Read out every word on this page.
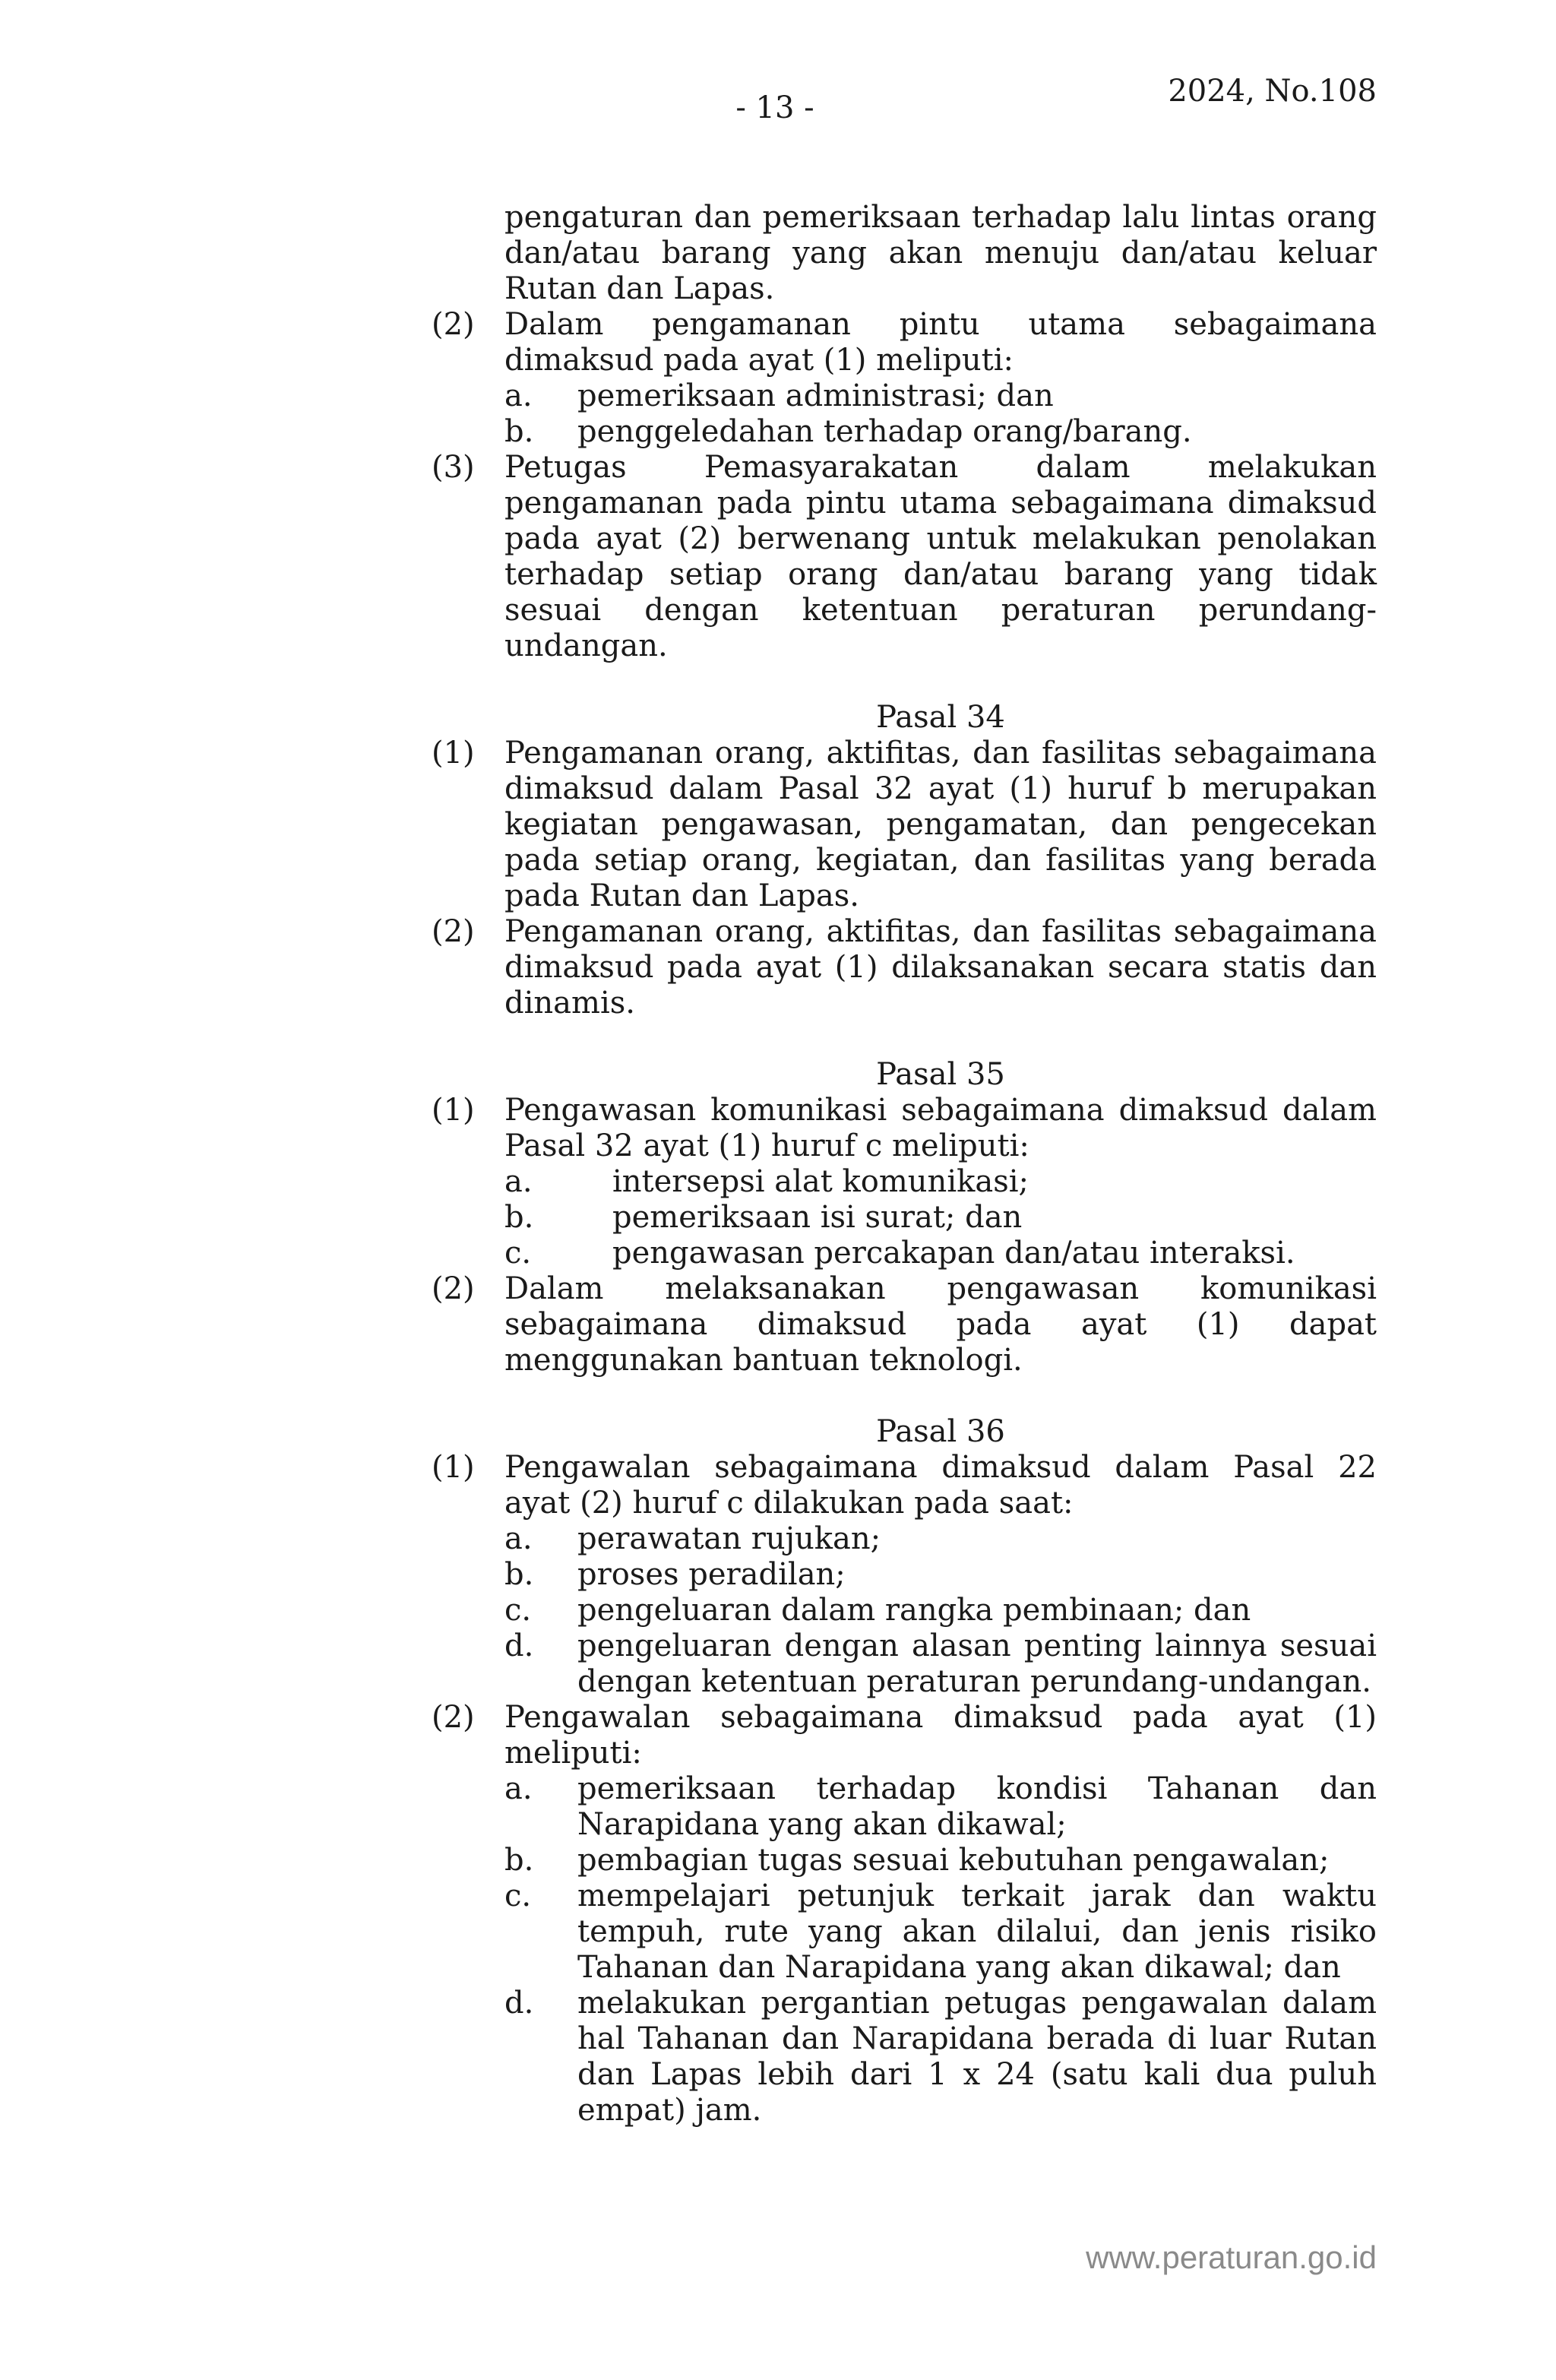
- 13 -	2024, No.108
pengaturan dan pemeriksaan terhadap lalu lintas orang dan/atau barang yang akan menuju dan/atau keluar Rutan dan Lapas.
(2) Dalam pengamanan pintu utama sebagaimana dimaksud pada ayat (1) meliputi:
a.	pemeriksaan administrasi; dan
b.	penggeledahan terhadap orang/barang.
(3) Petugas Pemasyarakatan dalam melakukan pengamanan pada pintu utama sebagaimana dimaksud pada ayat (2) berwenang untuk melakukan penolakan terhadap setiap orang dan/atau barang yang tidak sesuai dengan ketentuan peraturan perundang-undangan.
Pasal 34
(1) Pengamanan orang, aktifitas, dan fasilitas sebagaimana dimaksud dalam Pasal 32 ayat (1) huruf b merupakan kegiatan pengawasan, pengamatan, dan pengecekan pada setiap orang, kegiatan, dan fasilitas yang berada pada Rutan dan Lapas.
(2) Pengamanan orang, aktifitas, dan fasilitas sebagaimana dimaksud pada ayat (1) dilaksanakan secara statis dan dinamis.
Pasal 35
(1) Pengawasan komunikasi sebagaimana dimaksud dalam Pasal 32 ayat (1) huruf c meliputi:
a.	intersepsi alat komunikasi;
b.	pemeriksaan isi surat; dan
c.	pengawasan percakapan dan/atau interaksi.
(2) Dalam melaksanakan pengawasan komunikasi sebagaimana dimaksud pada ayat (1) dapat menggunakan bantuan teknologi.
Pasal 36
(1) Pengawalan sebagaimana dimaksud dalam Pasal 22 ayat (2) huruf c dilakukan pada saat:
a.	perawatan rujukan;
b.	proses peradilan;
c.	pengeluaran dalam rangka pembinaan; dan
d.	pengeluaran dengan alasan penting lainnya sesuai dengan ketentuan peraturan perundang-undangan.
(2) Pengawalan sebagaimana dimaksud pada ayat (1) meliputi:
a.	pemeriksaan terhadap kondisi Tahanan dan Narapidana yang akan dikawal;
b.	pembagian tugas sesuai kebutuhan pengawalan;
c.	mempelajari petunjuk terkait jarak dan waktu tempuh, rute yang akan dilalui, dan jenis risiko Tahanan dan Narapidana yang akan dikawal; dan
d.	melakukan pergantian petugas pengawalan dalam hal Tahanan dan Narapidana berada di luar Rutan dan Lapas lebih dari 1 x 24 (satu kali dua puluh empat) jam.
www.peraturan.go.id
